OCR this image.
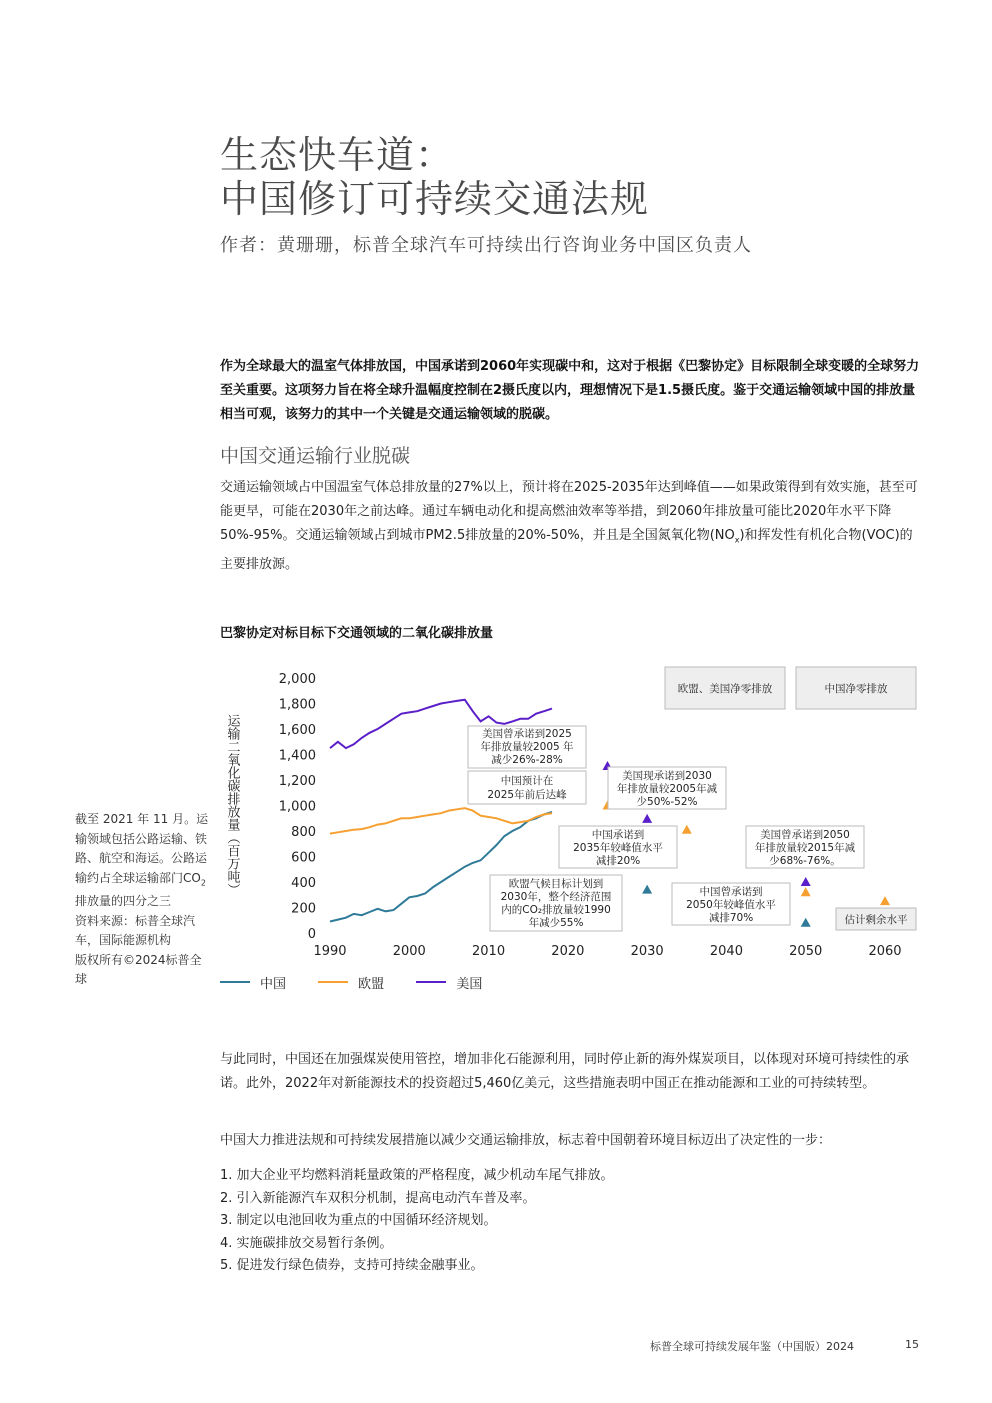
生态快车道：
中国修订可持续交通法规
作者：黄珊珊，标普全球汽车可持续出行咨询业务中国区负责人
作为全球最大的温室气体排放国，中国承诺到2060年实现碳中和，这对于根据《巴黎协定》目标限制全球变暖的全球努力至关重要。这项努力旨在将全球升温幅度控制在2摄氏度以内，理想情况下是1.5摄氏度。鉴于交通运输领域中国的排放量相当可观，该努力的其中一个关键是交通运输领域的脱碳。
中国交通运输行业脱碳
交通运输领域占中国温室气体总排放量的27%以上，预计将在2025-2035年达到峰值——如果政策得到有效实施，甚至可能更早，可能在2030年之前达峰。通过车辆电动化和提高燃油效率等举措，到2060年排放量可能比2020年水平下降50%-95%。交通运输领域占到城市PM2.5排放量的20%-50%，并且是全国氮氧化物$(NO_x)$和挥发性有机化合物(VOC)的主要排放源。
巴黎协定对标目标下交通领域的二氧化碳排放量
截至 2021 年 11 月。运输领域包括公路运输、铁路、航空和海运。公路运输约占全球运输部门$CO_2$排放量的四分之三
资料来源：标普全球汽车，国际能源机构
版权所有©2024标普全球
运输二氧化碳排放量（百万吨）
0
200
400
600
800
1,000
1,200
1,400
1,600
1,800
2,000
1990	2000	2010	2020	2030	2040	2050	2060
欧盟、美国净零排放	中国净零排放
美国曾承诺到2025
年排放量较2005 年
减少26%-28%
中国预计在
2025年前后达峰
美国现承诺到2030
年排放量较2005年减
少50%-52%
中国承诺到
2035年较峰值水平
减排20%
美国曾承诺到2050
年排放量较2015年减
少68%-76%。
欧盟气候目标计划到
2030年，整个经济范围
内的CO₂排放量较1990
年减少55%
中国曾承诺到
2050年较峰值水平
减排70%	估计剩余水平
中国
	欧盟
	美国
与此同时，中国还在加强煤炭使用管控，增加非化石能源利用，同时停止新的海外煤炭项目，以体现对环境可持续性的承诺。此外，2022年对新能源技术的投资超过5,460亿美元，这些措施表明中国正在推动能源和工业的可持续转型。
中国大力推进法规和可持续发展措施以减少交通运输排放，标志着中国朝着环境目标迈出了决定性的一步：
1. 加大企业平均燃料消耗量政策的严格程度，减少机动车尾气排放。
2. 引入新能源汽车双积分机制，提高电动汽车普及率。
3. 制定以电池回收为重点的中国循环经济规划。
4. 实施碳排放交易暂行条例。
5. 促进发行绿色债券，支持可持续金融事业。
标普全球可持续发展年鉴（中国版）2024	15
